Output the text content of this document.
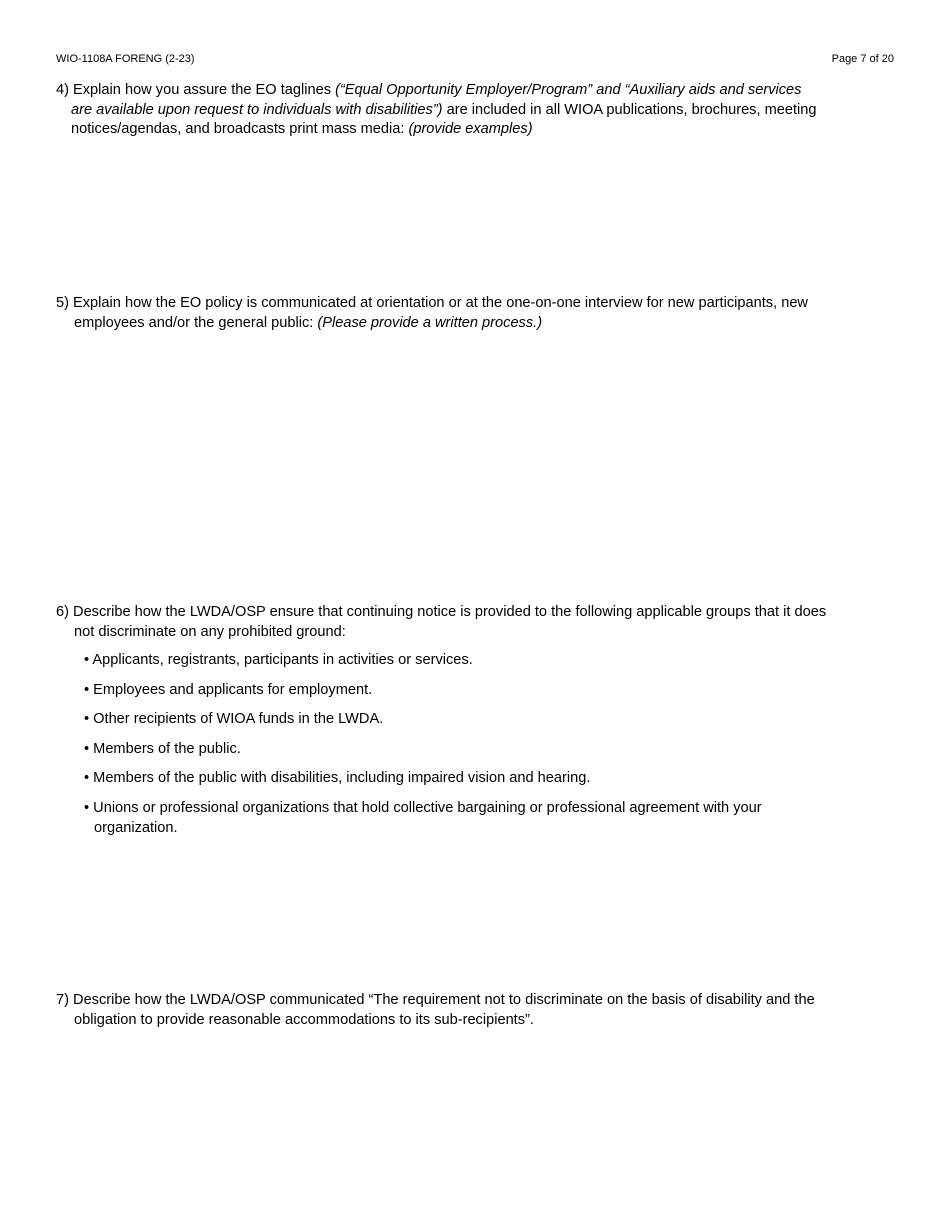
WIO-1108A FORENG (2-23)	Page 7 of 20
4) Explain how you assure the EO taglines (“Equal Opportunity Employer/Program” and “Auxiliary aids and services
are available upon request to individuals with disabilities”) are included in all WIOA publications, brochures, meeting
notices/agendas, and broadcasts print mass media: (provide examples)
5) Explain how the EO policy is communicated at orientation or at the one-on-one interview for new participants, new
employees and/or the general public: (Please provide a written process.)
6) Describe how the LWDA/OSP ensure that continuing notice is provided to the following applicable groups that it does
not discriminate on any prohibited ground:
• Applicants, registrants, participants in activities or services.
• Employees and applicants for employment.
• Other recipients of WIOA funds in the LWDA.
• Members of the public.
• Members of the public with disabilities, including impaired vision and hearing.
• Unions or professional organizations that hold collective bargaining or professional agreement with your
organization.
7) Describe how the LWDA/OSP communicated “The requirement not to discriminate on the basis of disability and the
obligation to provide reasonable accommodations to its sub-recipients”.
